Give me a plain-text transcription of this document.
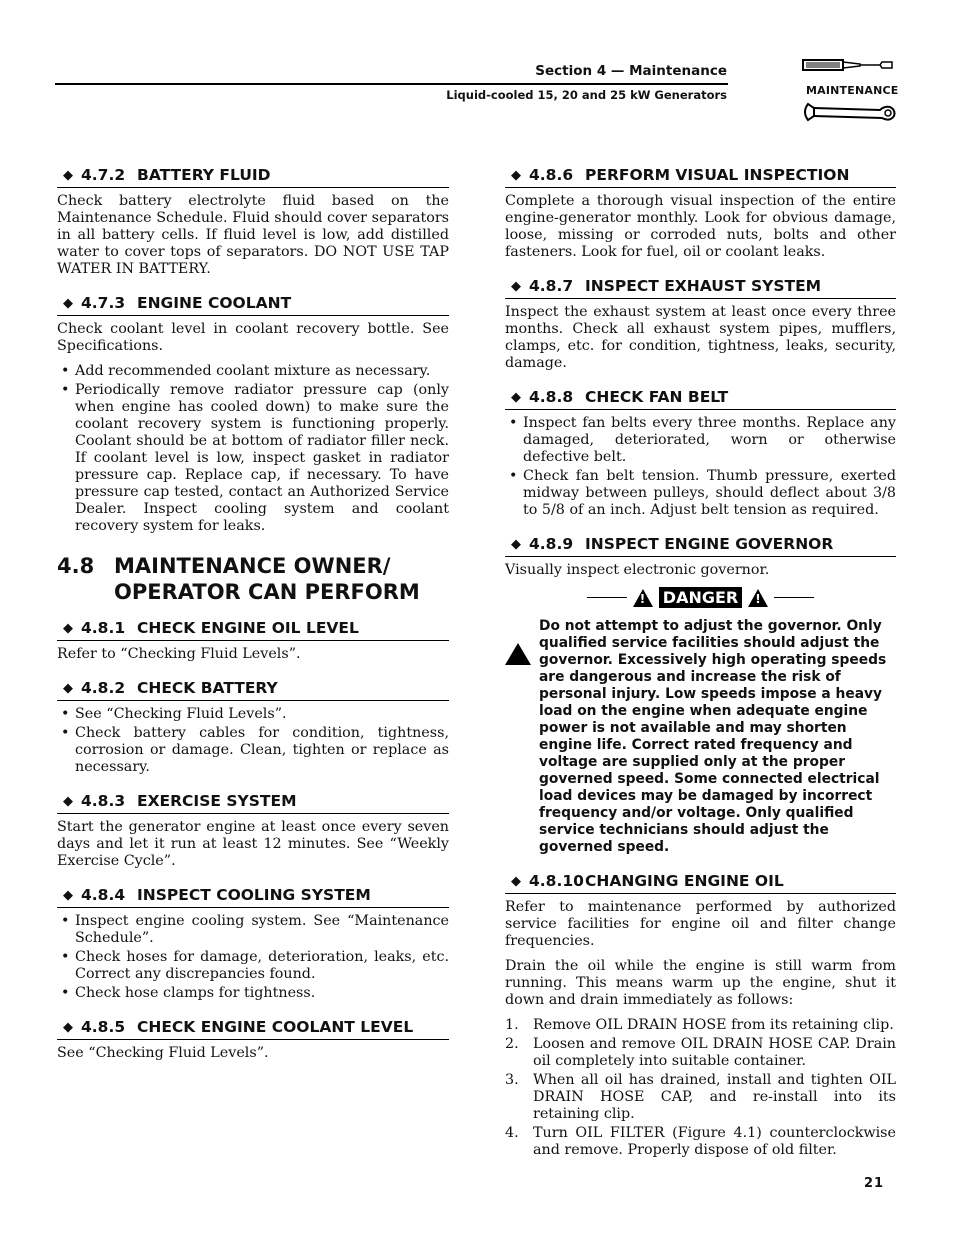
Section 4 — Maintenance
Liquid-cooled 15, 20 and 25 kW Generators	MAINTENANCE
◆ 4.7.2 BATTERY FLUID

Check battery electrolyte fluid based on the Maintenance Schedule. Fluid should cover separators in all battery cells. If fluid level is low, add distilled water to cover tops of separators. DO NOT USE TAP WATER IN BATTERY.

◆ 4.7.3 ENGINE COOLANT

Check coolant level in coolant recovery bottle. See Specifications.

• Add recommended coolant mixture as necessary.
• Periodically remove radiator pressure cap (only when engine has cooled down) to make sure the coolant recovery system is functioning properly. Coolant should be at bottom of radiator filler neck. If coolant level is low, inspect gasket in radiator pressure cap. Replace cap, if necessary. To have pressure cap tested, contact an Authorized Service Dealer. Inspect cooling system and coolant recovery system for leaks.
4.8 MAINTENANCE OWNER/
OPERATOR CAN PERFORM
◆ 4.8.1 CHECK ENGINE OIL LEVEL

Refer to “Checking Fluid Levels”.

◆ 4.8.2 CHECK BATTERY
• See “Checking Fluid Levels”.
• Check battery cables for condition, tightness, corrosion or damage. Clean, tighten or replace as necessary.
◆ 4.8.3 EXERCISE SYSTEM

Start the generator engine at least once every seven days and let it run at least 12 minutes. See “Weekly Exercise Cycle”.

◆ 4.8.4 INSPECT COOLING SYSTEM
• Inspect engine cooling system. See “Maintenance Schedule”.
• Check hoses for damage, deterioration, leaks, etc. Correct any discrepancies found.
• Check hose clamps for tightness.
◆ 4.8.5 CHECK ENGINE COOLANT LEVEL

See “Checking Fluid Levels”.

◆ 4.8.6 PERFORM VISUAL INSPECTION

Complete a thorough visual inspection of the entire engine-generator monthly. Look for obvious damage, loose, missing or corroded nuts, bolts and other fasteners. Look for fuel, oil or coolant leaks.

◆ 4.8.7 INSPECT EXHAUST SYSTEM

Inspect the exhaust system at least once every three months. Check all exhaust system pipes, mufflers, clamps, etc. for condition, tightness, leaks, security, damage.

◆ 4.8.8 CHECK FAN BELT
• Inspect fan belts every three months. Replace any damaged, deteriorated, worn or otherwise defective belt.
• Check fan belt tension. Thumb pressure, exerted midway between pulleys, should deflect about 3/8 to 5/8 of an inch. Adjust belt tension as required.
◆ 4.8.9 INSPECT ENGINE GOVERNOR

Visually inspect electronic governor.

!
DANGER
!
!
Do not attempt to adjust the governor. Only qualified service facilities should adjust the governor. Excessively high operating speeds are dangerous and increase the risk of personal injury. Low speeds impose a heavy load on the engine when adequate engine power is not available and may shorten engine life. Correct rated frequency and voltage are supplied only at the proper governed speed. Some connected electrical load devices may be damaged by incorrect frequency and/or voltage. Only qualified service technicians should adjust the governed speed.
◆ 4.8.10 CHANGING ENGINE OIL

Refer to maintenance performed by authorized service facilities for engine oil and filter change frequencies.

Drain the oil while the engine is still warm from running. This means warm up the engine, shut it down and drain immediately as follows:

1. Remove OIL DRAIN HOSE from its retaining clip.
2. Loosen and remove OIL DRAIN HOSE CAP. Drain oil completely into suitable container.
3. When all oil has drained, install and tighten OIL DRAIN HOSE CAP, and re-install into its retaining clip.
4. Turn OIL FILTER (Figure 4.1) counterclockwise and remove. Properly dispose of old filter.
21
